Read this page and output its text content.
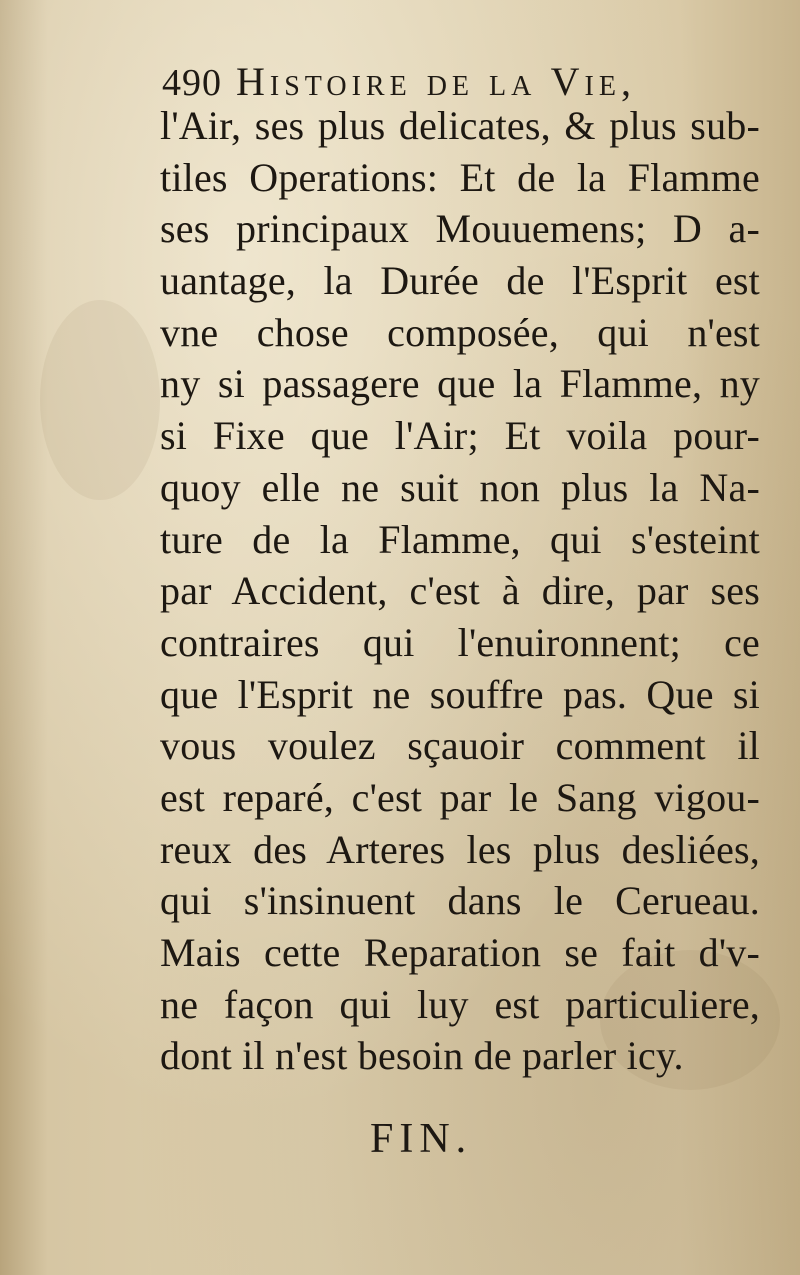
490 Histoire de la Vie,
l'Air, ses plus delicates, & plus sub-
tiles Operations: Et de la Flamme
ses principaux Mouuemens; D a-
uantage, la Durée de l'Esprit est
vne chose composée, qui n'est
ny si passagere que la Flamme, ny
si Fixe que l'Air; Et voila pour-
quoy elle ne suit non plus la Na-
ture de la Flamme, qui s'esteint
par Accident, c'est à dire, par ses
contraires qui l'enuironnent; ce
que l'Esprit ne souffre pas. Que si
vous voulez sçauoir comment il
est reparé, c'est par le Sang vigou-
reux des Arteres les plus desliées,
qui s'insinuent dans le Cerueau.
Mais cette Reparation se fait d'v-
ne façon qui luy est particuliere,
dont il n'est besoin de parler icy.
FIN.
